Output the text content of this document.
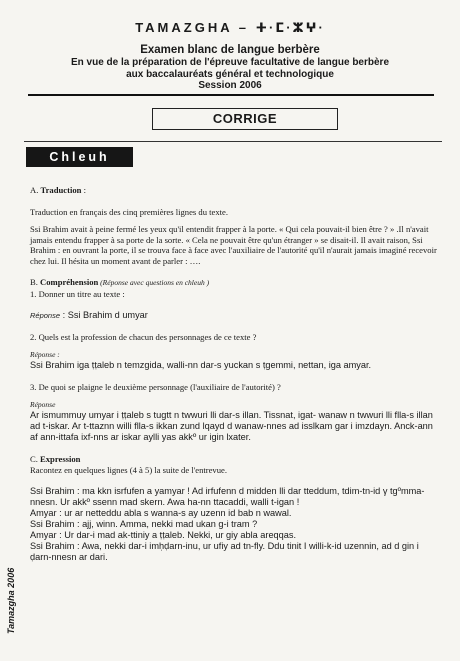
TAMAZGHA – ⵜ·ⵎ·ⵣⵖ·
Examen blanc de langue berbère
En vue de la préparation de l'épreuve facultative de langue berbère
aux baccalauréats général et technologique
Session 2006
CORRIGE
Chleuh
Tamazgha 2006

A. Traduction :

Traduction en français des cinq premières lignes du texte.

Ssi Brahim avait à peine fermé les yeux qu'il entendit frapper à la porte. « Qui cela pouvait-il bien être ? » .Il n'avait jamais entendu frapper à sa porte de la sorte. « Cela ne pouvait être qu'un étranger » se disait-il. Il avait raison, Ssi Brahim : en ouvrant la porte, il se trouva face à face avec l'auxiliaire de l'autorité qu'il n'aurait jamais imaginé recevoir chez lui. Il hésita un moment avant de parler : ….

B. Compréhension (Réponse avec questions en chleuh )

1. Donner un titre au texte :

Réponse : Ssi Brahim d umyar

2. Quels est la profession de chacun des personnages de ce texte ?

Réponse :

Ssi Brahim iga ṭṭaleb n temzgida, walli-nn dar-s yuckan s ṭgemmi, nettan, iga amyar.

3. De quoi se plaigne le deuxième personnage (l'auxiliaire de l'autorité) ?

Réponse

Ar ismummuy umyar i ṭṭaleb s tugtt n twwuri lli dar-s illan. Tissnat, igat- wanaw n twwuri lli flla-s illan ad t-iskar. Ar t-ttaznn willi flla-s ikkan zund lqayd d wanaw-nnes ad isslkam gar i imzdayn. Anck-ann af ann-ittafa ixf-nns ar iskar aylli yas akkº ur igin lxater.

C. Expression

Racontez en quelques lignes (4 à 5) la suite de l'entrevue.

Ssi Brahim : ma kkn isrfufen a yamyar ! Ad irfufenn d midden lli dar tteddum, tdim-tn-id γ tgºmma-nnesn. Ur akkº ssenn mad skern. Awa ha-nn ttacaddi, walli t-igan !

Amyar : ur ar netteddu abla s wanna-s ay uzenn id bab n wawal.

Ssi Brahim : ajj, winn. Amma, nekki mad ukan g-i tram ?

Amyar : Ur dar-i mad ak-ttiniy a ṭṭaleb. Nekki, ur giy abla areqqas.

Ssi Brahim : Awa, nekki dar-i imḥḍarn-inu, ur ufiy ad tn-fly. Ddu tinit I willi-k-id uzennin, ad d gin i ḍarn-nnesn ar dari.
